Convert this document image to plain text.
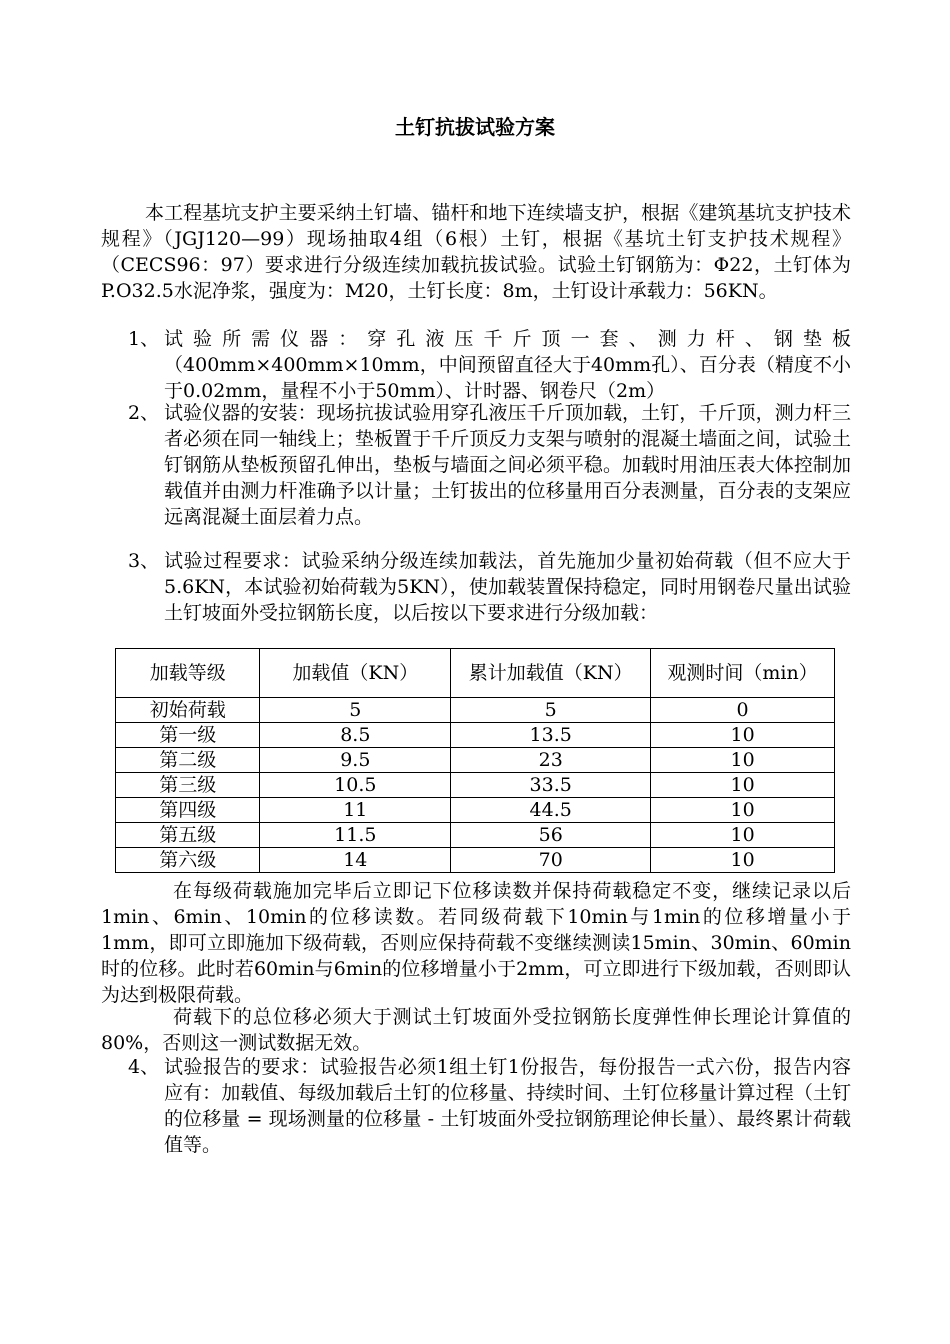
土钉抗拔试验方案

本工程基坑支护主要采纳土钉墙、锚杆和地下连续墙支护，根据《建筑基坑支护技术规程》（JGJ120—99）现场抽取4组（6根）土钉，根据《基坑土钉支护技术规程》（CECS96：97）要求进行分级连续加载抗拔试验。试验土钉钢筋为：Φ22，土钉体为P.O32.5水泥净浆，强度为：M20，土钉长度：8m，土钉设计承载力：56KN。

1、 试验所需仪器：穿孔液压千斤顶一套、测力杆、钢垫板（400mm×400mm×10mm，中间预留直径大于40mm孔）、百分表（精度不小于0.02mm，量程不小于50mm）、计时器、钢卷尺（2m）
2、 试验仪器的安装：现场抗拔试验用穿孔液压千斤顶加载，土钉，千斤顶，测力杆三者必须在同一轴线上；垫板置于千斤顶反力支架与喷射的混凝土墙面之间，试验土钉钢筋从垫板预留孔伸出，垫板与墙面之间必须平稳。加载时用油压表大体控制加载值并由测力杆准确予以计量；土钉拔出的位移量用百分表测量，百分表的支架应远离混凝土面层着力点。
3、 试验过程要求：试验采纳分级连续加载法，首先施加少量初始荷载（但不应大于5.6KN，本试验初始荷载为5KN），使加载装置保持稳定，同时用钢卷尺量出试验土钉坡面外受拉钢筋长度，以后按以下要求进行分级加载：
加载等级	加载值（KN）	累计加载值（KN）	观测时间（min）
初始荷载	5	5	0
第一级	8.5	13.5	10
第二级	9.5	23	10
第三级	10.5	33.5	10
第四级	11	44.5	10
第五级	11.5	56	10
第六级	14	70	10

在每级荷载施加完毕后立即记下位移读数并保持荷载稳定不变，继续记录以后1min、6min、10min的位移读数。若同级荷载下10min与1min的位移增量小于1mm，即可立即施加下级荷载，否则应保持荷载不变继续测读15min、30min、60min时的位移。此时若60min与6min的位移增量小于2mm，可立即进行下级加载，否则即认为达到极限荷载。

荷载下的总位移必须大于测试土钉坡面外受拉钢筋长度弹性伸长理论计算值的80%，否则这一测试数据无效。

4、 试验报告的要求：试验报告必须1组土钉1份报告，每份报告一式六份，报告内容应有：加载值、每级加载后土钉的位移量、持续时间、土钉位移量计算过程（土钉的位移量 = 现场测量的位移量 - 土钉坡面外受拉钢筋理论伸长量）、最终累计荷载值等。
